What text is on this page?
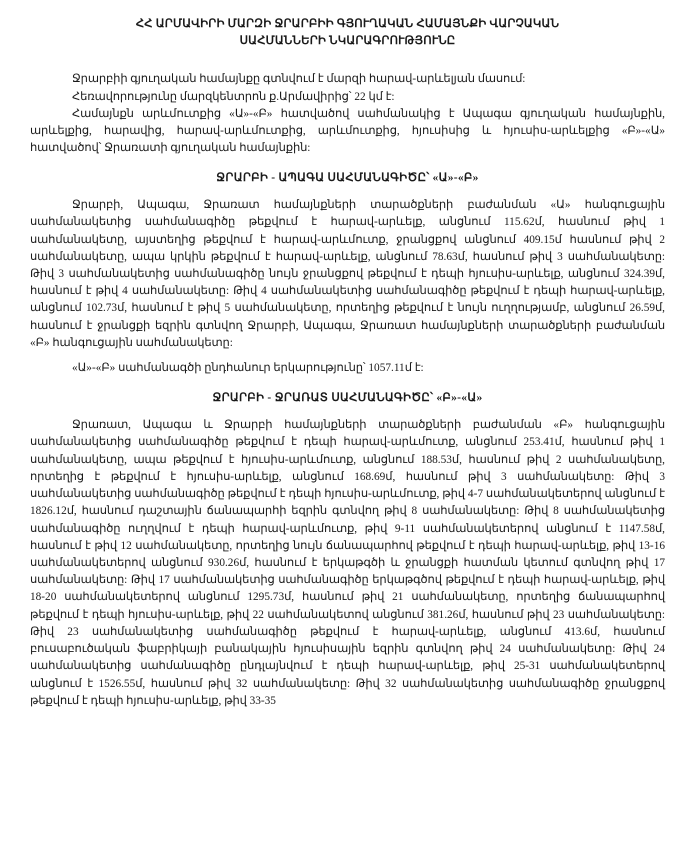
ՀՀ ԱՐՄԱՎԻՐԻ ՄԱՐԶԻ ՋՐԱՐԲԻԻ ԳՅՈՒՂԱԿԱՆ ՀԱՄԱՅՆՔԻ ՎԱՐՉԱԿԱՆ
ՍԱՀՄԱՆՆԵՐԻ ՆԿԱՐԱԳՐՈՒԹՅՈՒՆԸ

Ջրարբիի գյուղական համայնքը գտնվում է մարզի հարավ-արևելյան մասում:

Հեռավորությունը մարզկենտրոն ք.Արմավիրից՝ 22 կմ է:

Համայնքն արևմուտքից «Ա»-«Բ» հատվածով սահմանակից է Ապագա գյուղական համայնքին, արևելքից, հարավից, հարավ-արևմուտքից, արևմուտքից, հյուսիսից և հյուսիս-արևելքից «Բ»-«Ա» հատվածով՝ Ջրառատի գյուղական համայնքին:

ՋՐԱՐԲԻ - ԱՊԱԳԱ ՍԱՀՄԱՆԱԳԻԾԸ՝ «Ա»-«Բ»

Ջրարբի, Ապագա, Ջրառատ համայնքների տարածքների բաժանման «Ա» հանգուցային սահմանակետից սահմանագիծը թեքվում է հարավ-արևելք, անցնում 115.62մ, հասնում թիվ 1 սահմանակետը, այստեղից թեքվում է հարավ-արևմուտք, ջրանցքով անցնում 409.15մ հասնում թիվ 2 սահմանակետը, ապա կրկին թեքվում է հարավ-արևելք, անցնում 78.63մ, հասնում թիվ 3 սահմանակետը: Թիվ 3 սահմանակետից սահմանագիծը նույն ջրանցքով թեքվում է դեպի հյուսիս-արևելք, անցնում 324.39մ, հասնում է թիվ 4 սահմանակետը: Թիվ 4 սահմանակետից սահմանագիծը թեքվում է դեպի հարավ-արևելք, անցնում 102.73մ, հասնում է թիվ 5 սահմանակետը, որտեղից թեքվում է նույն ուղղությամբ, անցնում 26.59մ, հասնում է ջրանցքի եզրին գտնվող Ջրարբի, Ապագա, Ջրառատ համայնքների տարածքների բաժանման «Բ» հանգուցային սահմանակետը:

«Ա»-«Բ» սահմանագծի ընդհանուր երկարությունը՝ 1057.11մ է:

ՋՐԱՐԲԻ - ՋՐԱՌԱՏ ՍԱՀՄԱՆԱԳԻԾԸ՝ «Բ»-«Ա»

Ջրառատ, Ապագա և Ջրարբի համայնքների տարածքների բաժանման «Բ» հանգուցային սահմանակետից սահմանագիծը թեքվում է դեպի հարավ-արևմուտք, անցնում 253.41մ, հասնում թիվ 1 սահմանակետը, ապա թեքվում է հյուսիս-արևմուտք, անցնում 188.53մ, հասնում թիվ 2 սահմանակետը, որտեղից է թեքվում է հյուսիս-արևելք, անցնում 168.69մ, հասնում թիվ 3 սահմանակետը: Թիվ 3 սահմանակետից սահմանագիծը թեքվում է դեպի հյուսիս-արևմուտք, թիվ 4-7 սահմանակետերով անցնում է 1826.12մ, հասնում դաշտային ճանապարհի եզրին գտնվող թիվ 8 սահմանակետը: Թիվ 8 սահմանակետից սահմանագիծը ուղղվում է դեպի հարավ-արևմուտք, թիվ 9-11 սահմանակետերով անցնում է 1147.58մ, հասնում է թիվ 12 սահմանակետը, որտեղից նույն ճանապարհով թեքվում է դեպի հարավ-արևելք, թիվ 13-16 սահմանակետերով անցնում 930.26մ, հասնում է երկաթգծի և ջրանցքի հատման կետում գտնվող թիվ 17 սահմանակետը: Թիվ 17 սահմանակետից սահմանագիծը երկաթգծով թեքվում է դեպի հարավ-արևելք, թիվ 18-20 սահմանակետերով անցնում 1295.73մ, հասնում թիվ 21 սահմանակետը, որտեղից ճանապարհով թեքվում է դեպի հյուսիս-արևելք, թիվ 22 սահմանակետով անցնում 381.26մ, հասնում թիվ 23 սահմանակետը: Թիվ 23 սահմանակետից սահմանագիծը թեքվում է հարավ-արևելք, անցնում 413.6մ, հասնում բուսաբուծական ֆաբրիկայի բանակային հյուսիսային եզրին գտնվող թիվ 24 սահմանակետը: Թիվ 24 սահմանակետից սահմանագիծը ընդլայնվում է դեպի հարավ-արևելք, թիվ 25-31 սահմանակետերով անցնում է 1526.55մ, հասնում թիվ 32 սահմանակետը: Թիվ 32 սահմանակետից սահմանագիծը ջրանցքով թեքվում է դեպի հյուսիս-արևելք, թիվ 33-35
